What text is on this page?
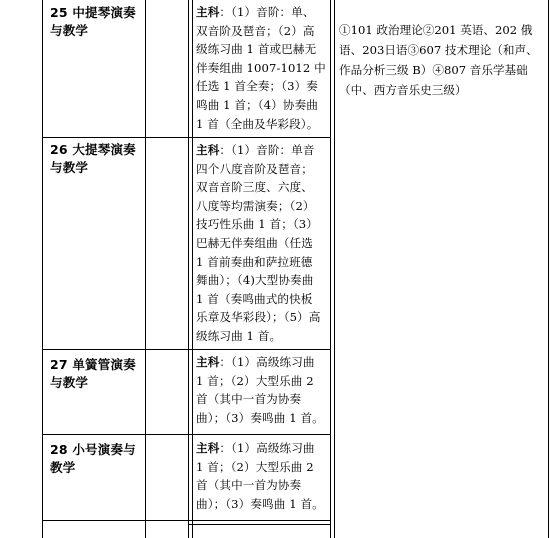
①101 政治理论②201 英语、202 俄
语、203日语③607 技术理论（和声、
作品分析三级 B）④807 音乐学基础
（中、西方音乐史三级）
25 中提琴演奏
与教学
主科：（1）音阶：单、
双音阶及琶音；（2）高
级练习曲 1 首或巴赫无
伴奏组曲 1007-1012 中
任选 1 首全奏；（3）奏
鸣曲 1 首；（4）协奏曲
1 首（全曲及华彩段）。
26 大提琴演奏
与教学
主科：（1）音阶：单音
四个八度音阶及琶音；
双音音阶三度、六度、
八度等均需演奏；（2）
技巧性乐曲 1 首；（3）
巴赫无伴奏组曲（任选
1 首前奏曲和萨拉班德
舞曲）；（4)大型协奏曲
1 首（奏鸣曲式的快板
乐章及华彩段）；（5）高
级练习曲 1 首。
27 单簧管演奏
与教学
主科：（1）高级练习曲
1 首；（2）大型乐曲 2
首（其中一首为协奏
曲）；（3）奏鸣曲 1 首。
28 小号演奏与
教学
主科：（1）高级练习曲
1 首；（2）大型乐曲 2
首（其中一首为协奏
曲）；（3）奏鸣曲 1 首。
